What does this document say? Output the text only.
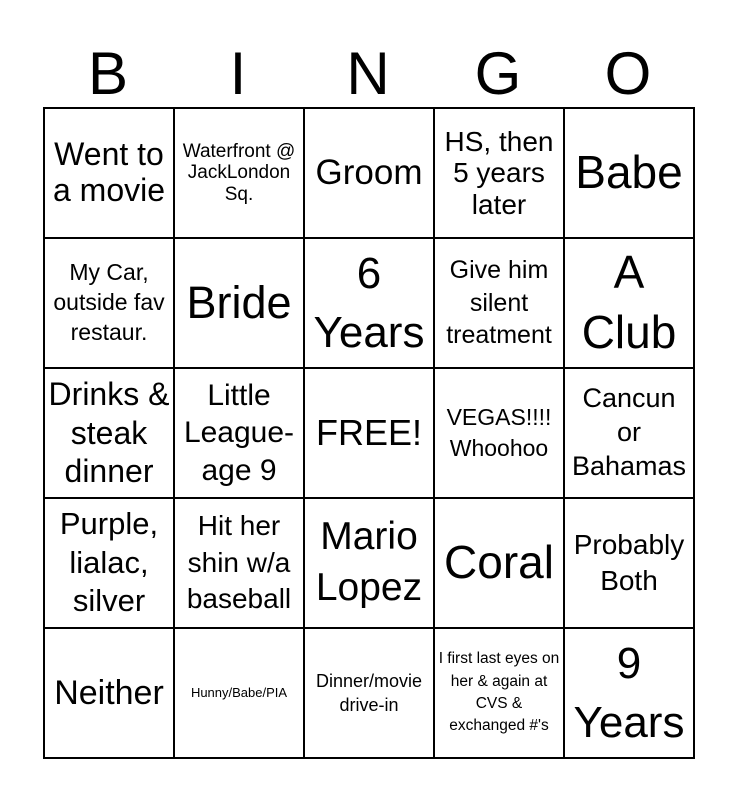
B	I	N	G	O
Went to a movie	Waterfront @ JackLondon Sq.	Groom	HS, then 5 years later	Babe
My Car, outside fav restaur.	Bride	6 Years	Give him silent treatment	A Club
Drinks & steak dinner	Little League-age 9	FREE!	VEGAS!!!! Whoohoo	Cancun or Bahamas
Purple, lialac, silver	Hit her shin w/a baseball	Mario Lopez	Coral	Probably Both
Neither	Hunny/Babe/PIA	Dinner/movie drive-in	I first last eyes on her & again at CVS & exchanged #'s	9 Years
